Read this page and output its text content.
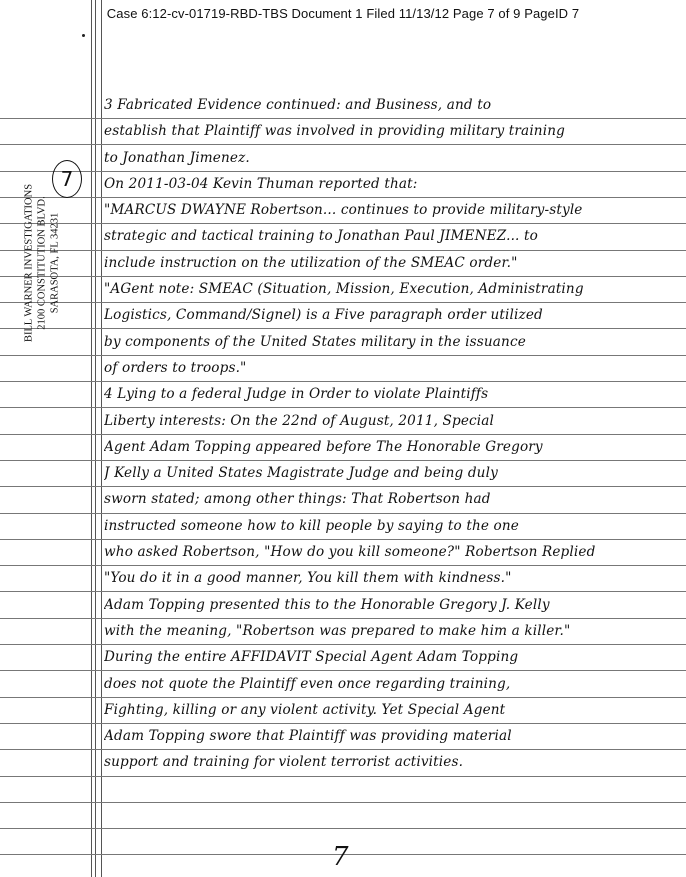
Case 6:12-cv-01719-RBD-TBS Document 1 Filed 11/13/12 Page 7 of 9 PageID 7
BILL WARNER INVESTIGATIONS 2100 CONSTITUTION BLVD. SARASOTA, FL 34231
7
3 Fabricated Evidence continued: and Business, and to
establish that Plaintiff was involved in providing military training
to Jonathan Jimenez.
On 2011-03-04 Kevin Thuman reported that:
"MARCUS DWAYNE Robertson... continues to provide military-style
strategic and tactical training to Jonathan Paul JIMENEZ... to
include instruction on the utilization of the SMEAC order."
"AGent note: SMEAC (Situation, Mission, Execution, Administrating
Logistics, Command/Signel) is a Five paragraph order utilized
by components of the United States military in the issuance
of orders to troops."
4 Lying to a federal Judge in Order to violate Plaintiffs
Liberty interests: On the 22nd of August, 2011, Special
Agent Adam Topping appeared before The Honorable Gregory
J Kelly a United States Magistrate Judge and being duly
sworn stated; among other things: That Robertson had
instructed someone how to kill people by saying to the one
who asked Robertson, "How do you kill someone?" Robertson Replied
"You do it in a good manner, You kill them with kindness."
Adam Topping presented this to the Honorable Gregory J. Kelly
with the meaning, "Robertson was prepared to make him a killer."
During the entire AFFIDAVIT Special Agent Adam Topping
does not quote the Plaintiff even once regarding training,
Fighting, killing or any violent activity. Yet Special Agent
Adam Topping swore that Plaintiff was providing material
support and training for violent terrorist activities.
7
